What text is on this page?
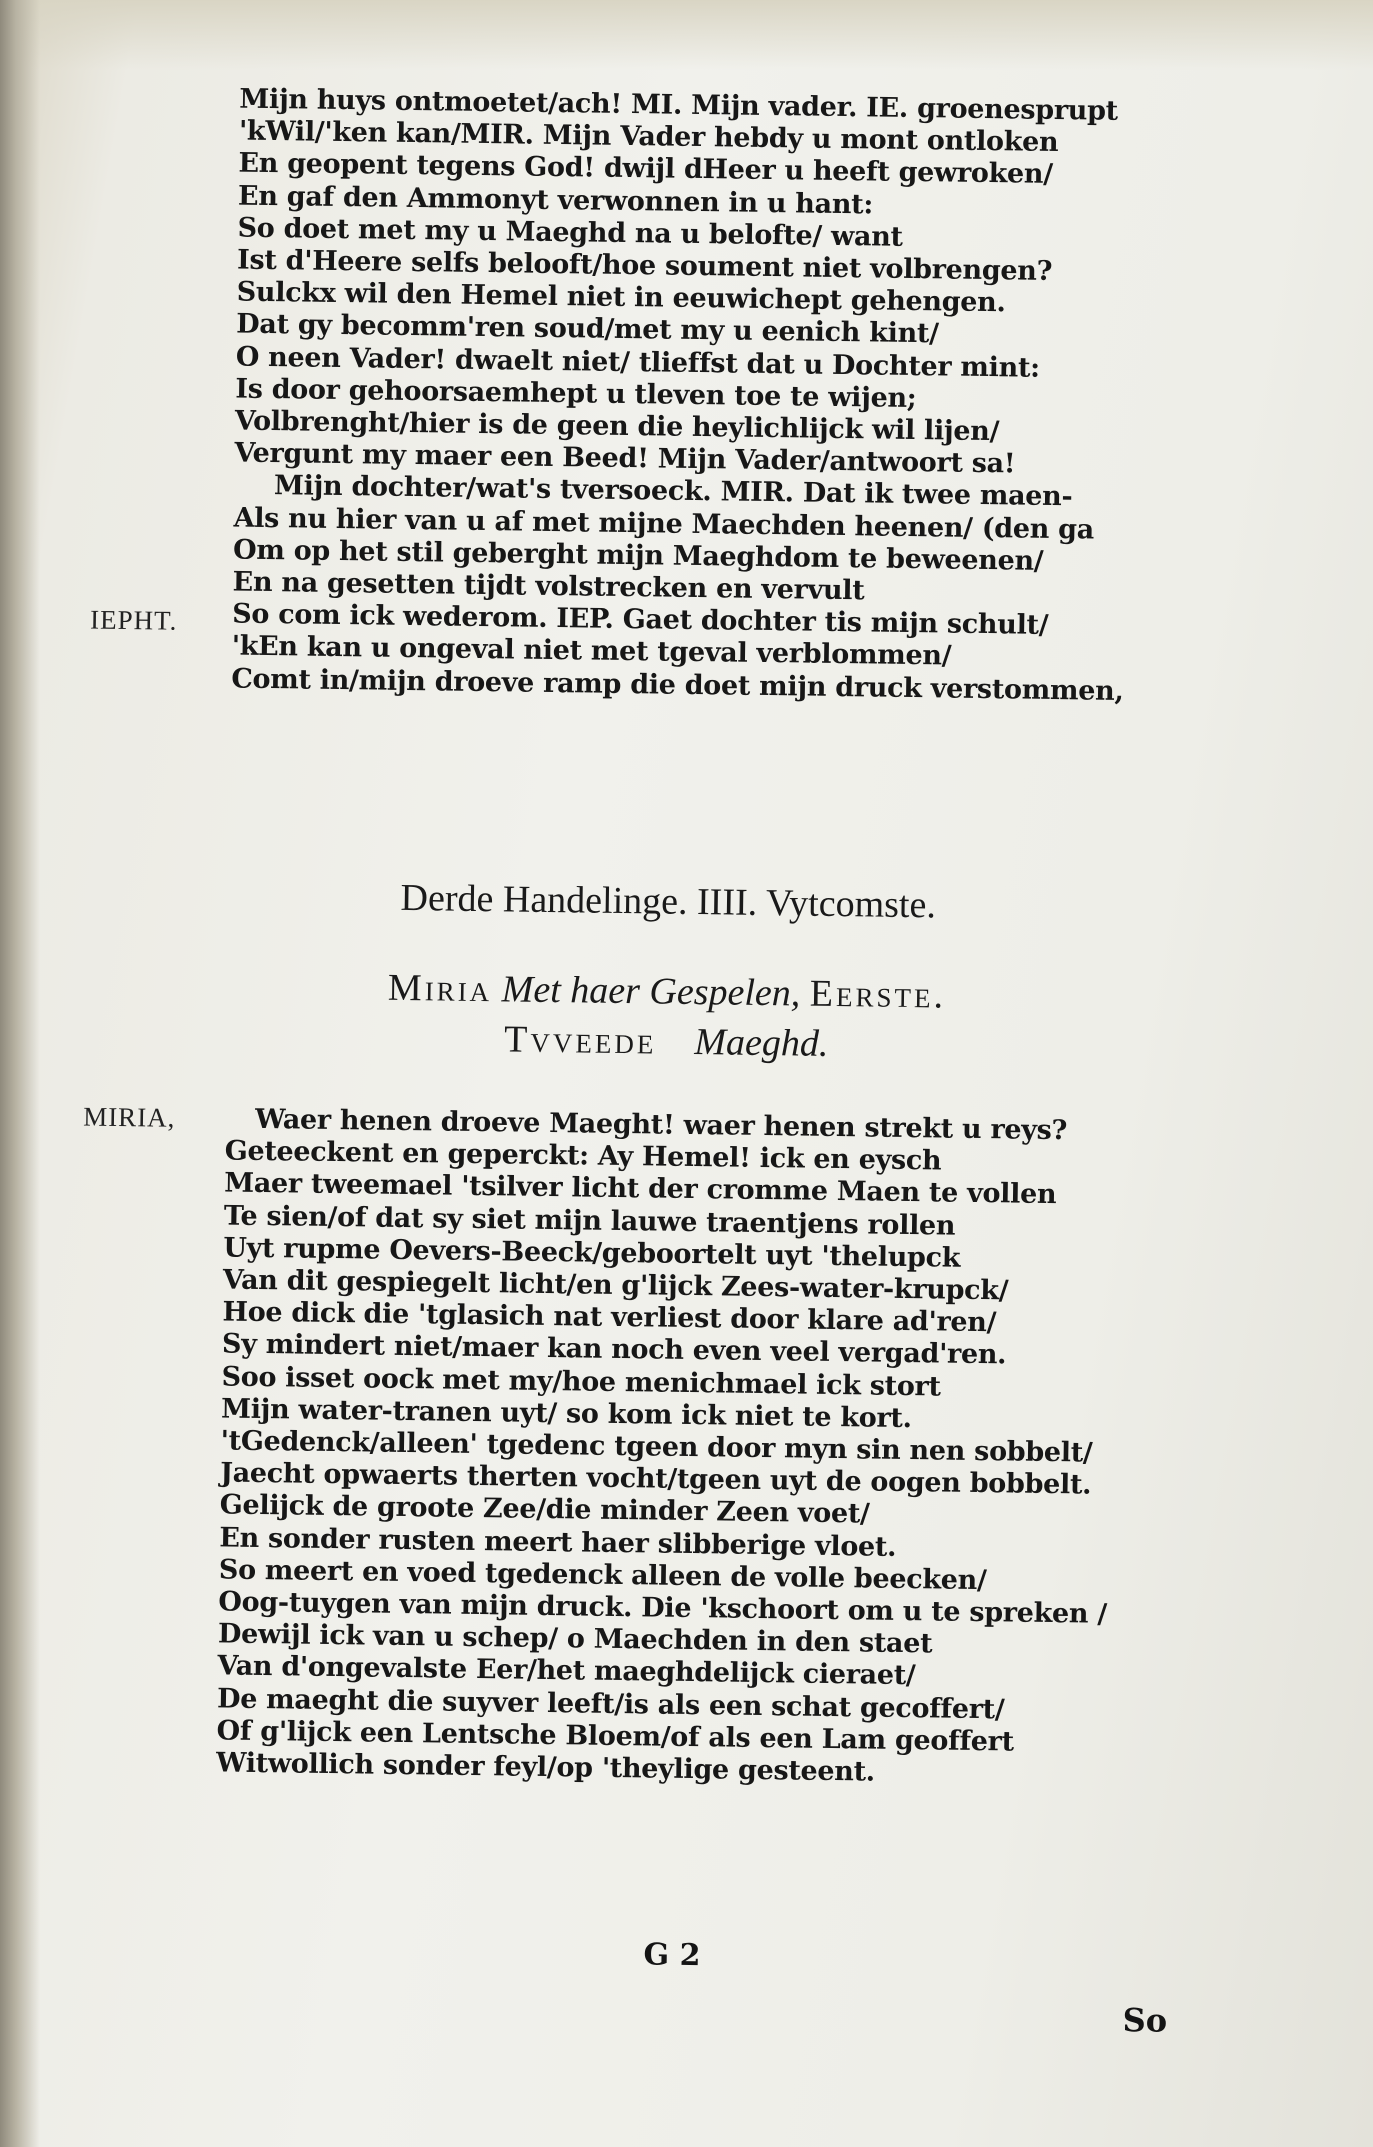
Mijn huys ontmoetet/ach! MI. Mijn vader. IE. groenesprupt
'kWil/'ken kan/MIR. Mijn Vader hebdy u mont ontloken
En geopent tegens God! dwijl dHeer u heeft gewroken/
En gaf den Ammonyt verwonnen in u hant:
So doet met my u Maeghd na u belofte/ want
Ist d'Heere selfs belooft/hoe soument niet volbrengen?
Sulckx wil den Hemel niet in eeuwichept gehengen.
Dat gy becomm'ren soud/met my u eenich kint/
O neen Vader! dwaelt niet/ tlieffst dat u Dochter mint:
Is door gehoorsaemhept u tleven toe te wijen;
Volbrenght/hier is de geen die heylichlijck wil lijen/
Vergunt my maer een Beed! Mijn Vader/antwoort sa!
Mijn dochter/wat's tversoeck. MIR. Dat ik twee maen-
Als nu hier van u af met mijne Maechden heenen/ (den ga
Om op het stil geberght mijn Maeghdom te beweenen/
En na gesetten tijdt volstrecken en vervult
So com ick wederom. IEP. Gaet dochter tis mijn schult/
'kEn kan u ongeval niet met tgeval verblommen/
Comt in/mijn droeve ramp die doet mijn druck verstommen,
IEPHT.
Derde Handelinge. IIII. Vytcomste.
Miria Met haer Gespelen, Eerste.
Tvveede Maeghd.
MIRIA,	Waer henen droeve Maeght! waer henen strekt u reys?
Geteeckent en geperckt: Ay Hemel! ick en eysch
Maer tweemael 'tsilver licht der cromme Maen te vollen
Te sien/of dat sy siet mijn lauwe traentjens rollen
Uyt rupme Oevers-Beeck/geboortelt uyt 'thelupck
Van dit gespiegelt licht/en g'lijck Zees-water-krupck/
Hoe dick die 'tglasich nat verliest door klare ad'ren/
Sy mindert niet/maer kan noch even veel vergad'ren.
Soo isset oock met my/hoe menichmael ick stort
Mijn water-tranen uyt/ so kom ick niet te kort.
'tGedenck/alleen' tgedenc tgeen door myn sin nen sobbelt/
Jaecht opwaerts therten vocht/tgeen uyt de oogen bobbelt.
Gelijck de groote Zee/die minder Zeen voet/
En sonder rusten meert haer slibberige vloet.
So meert en voed tgedenck alleen de volle beecken/
Oog-tuygen van mijn druck. Die 'kschoort om u te spreken /
Dewijl ick van u schep/ o Maechden in den staet
Van d'ongevalste Eer/het maeghdelijck cieraet/
De maeght die suyver leeft/is als een schat gecoffert/
Of g'lijck een Lentsche Bloem/of als een Lam geoffert
Witwollich sonder feyl/op 'theylige gesteent.
G 2
So
